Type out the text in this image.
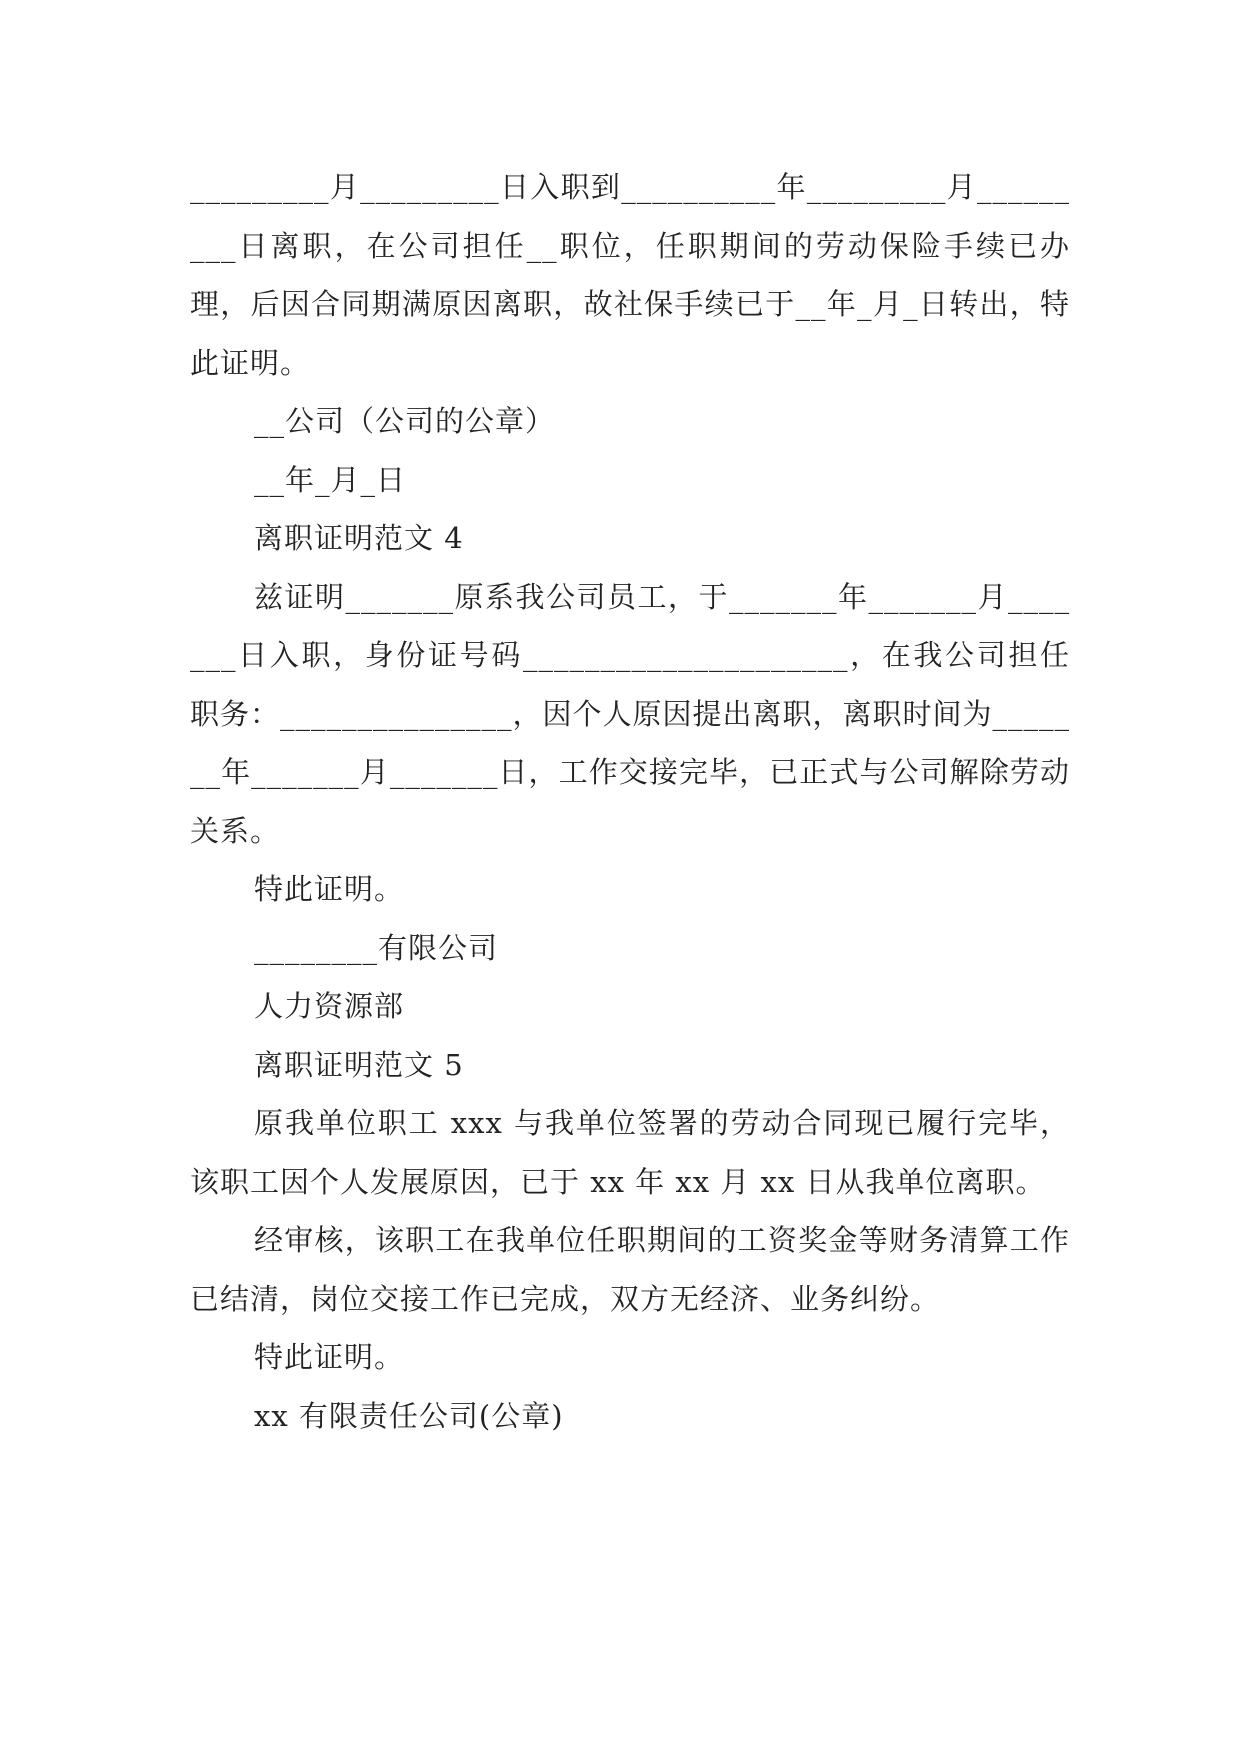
_________月_________日入职到__________年_________月_________日离职，在公司担任__职位，任职期间的劳动保险手续已办理，后因合同期满原因离职，故社保手续已于__年_月_日转出，特此证明。

__公司（公司的公章）

__年_月_日

离职证明范文 4

兹证明_______原系我公司员工，于_______年_______月_______日入职，身份证号码_____________________，在我公司担任职务：_______________，因个人原因提出离职，离职时间为_______年_______月_______日，工作交接完毕，已正式与公司解除劳动关系。

特此证明。

________有限公司

人力资源部

离职证明范文 5

原我单位职工 xxx 与我单位签署的劳动合同现已履行完毕，该职工因个人发展原因，已于 xx 年 xx 月 xx 日从我单位离职。

经审核，该职工在我单位任职期间的工资奖金等财务清算工作已结清，岗位交接工作已完成，双方无经济、业务纠纷。

特此证明。

xx 有限责任公司(公章)
